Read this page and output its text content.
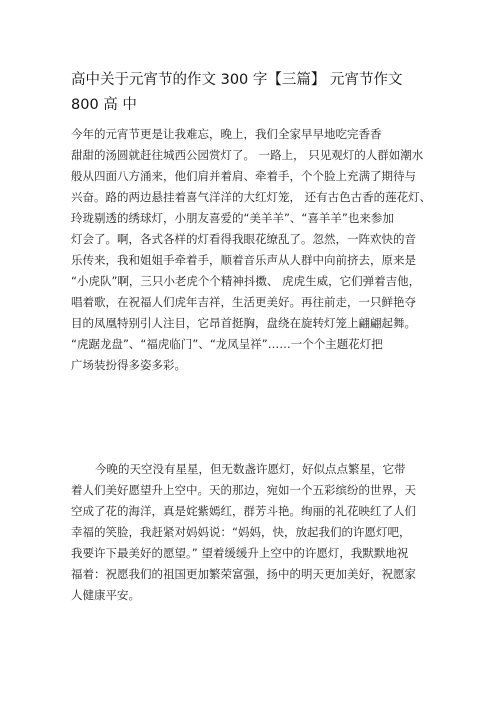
高中关于元宵节的作文 300 字【三篇】 元宵节作文
800 高 中
今年的元宵节更是让我难忘，晚上，我们全家早早地吃完香香
甜甜的汤圆就赶往城西公园赏灯了。 一路上， 只见观灯的人群如潮水
般从四面八方涌来，他们肩并着肩、牵着手，个个脸上充满了期待与
兴奋。路的两边悬挂着喜气洋洋的大红灯笼， 还有古色古香的莲花灯、
玲珑剔透的绣球灯，小朋友喜爱的“美羊羊”、“喜羊羊”也来参加
灯会了。啊，各式各样的灯看得我眼花缭乱了。忽然，一阵欢快的音
乐传来，我和姐姐手牵着手，顺着音乐声从人群中向前挤去，原来是
“小虎队”啊，三只小老虎个个精神抖擞、 虎虎生威，它们弹着吉他，
唱着歌，在祝福人们虎年吉祥，生活更美好。再往前走，一只鲜艳夺
目的凤凰特别引人注目，它昂首挺胸，盘绕在旋转灯笼上翩翩起舞。
“虎踞龙盘”、“福虎临门”、“龙凤呈祥”……一个个主题花灯把
广场装扮得多姿多彩。
今晚的天空没有星星，但无数盏许愿灯，好似点点繁星，它带
着人们美好愿望升上空中。天的那边，宛如一个五彩缤纷的世界，天
空成了花的海洋，真是姹紫嫣红，群芳斗艳。绚丽的礼花映红了人们
幸福的笑脸，我赶紧对妈妈说：“妈妈，快，放起我们的许愿灯吧，
我要许下最美好的愿望。” 望着缓缓升上空中的许愿灯，我默默地祝
福着：祝愿我们的祖国更加繁荣富强，扬中的明天更加美好，祝愿家
人健康平安。
